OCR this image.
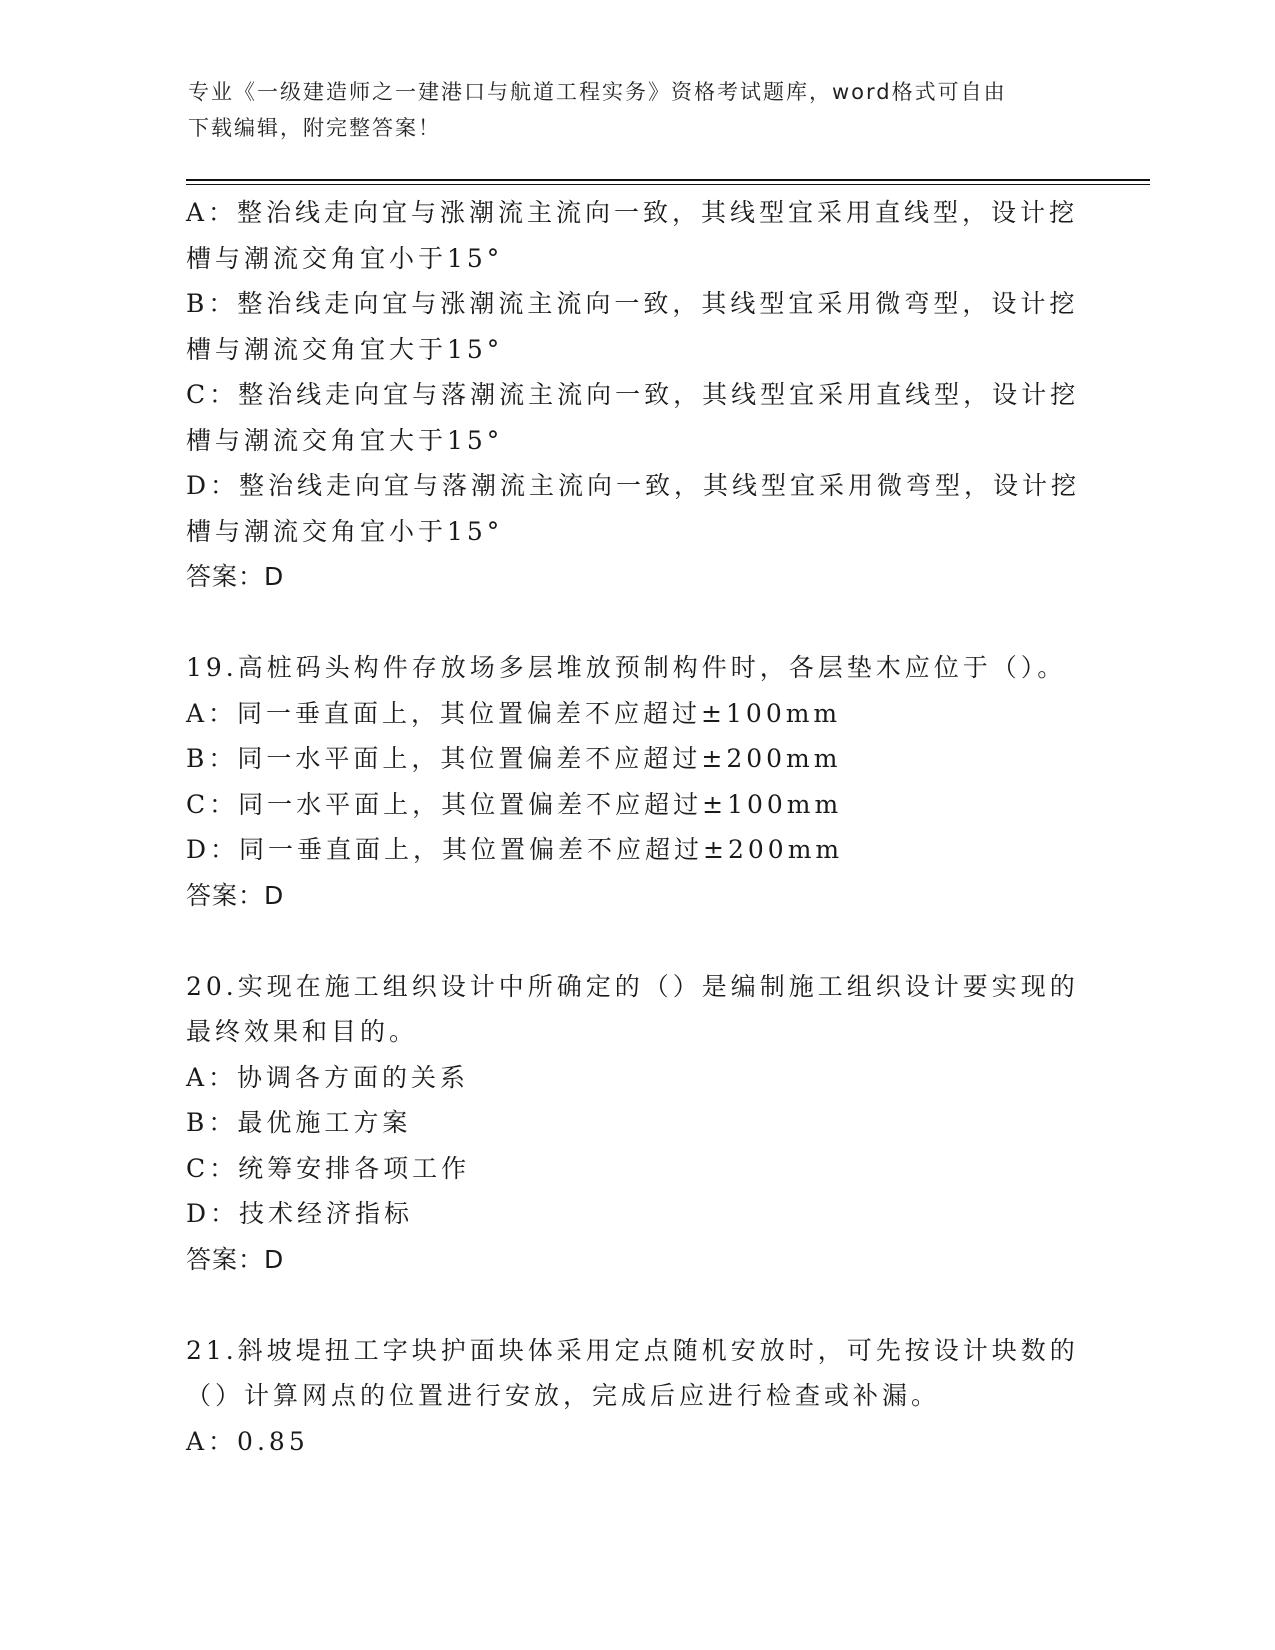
专业《一级建造师之一建港口与航道工程实务》资格考试题库，word格式可自由
下载编辑，附完整答案！
A：整治线走向宜与涨潮流主流向一致，其线型宜采用直线型，设计挖
槽与潮流交角宜小于15°
B：整治线走向宜与涨潮流主流向一致，其线型宜采用微弯型，设计挖
槽与潮流交角宜大于15°
C：整治线走向宜与落潮流主流向一致，其线型宜采用直线型，设计挖
槽与潮流交角宜大于15°
D：整治线走向宜与落潮流主流向一致，其线型宜采用微弯型，设计挖
槽与潮流交角宜小于15°
答案：D
19.高桩码头构件存放场多层堆放预制构件时，各层垫木应位于（）。
A：同一垂直面上，其位置偏差不应超过±100mm
B：同一水平面上，其位置偏差不应超过±200mm
C：同一水平面上，其位置偏差不应超过±100mm
D：同一垂直面上，其位置偏差不应超过±200mm
答案：D
20.实现在施工组织设计中所确定的（）是编制施工组织设计要实现的
最终效果和目的。
A：协调各方面的关系
B：最优施工方案
C：统筹安排各项工作
D：技术经济指标
答案：D
21.斜坡堤扭工字块护面块体采用定点随机安放时，可先按设计块数的
（）计算网点的位置进行安放，完成后应进行检查或补漏。
A：0.85
